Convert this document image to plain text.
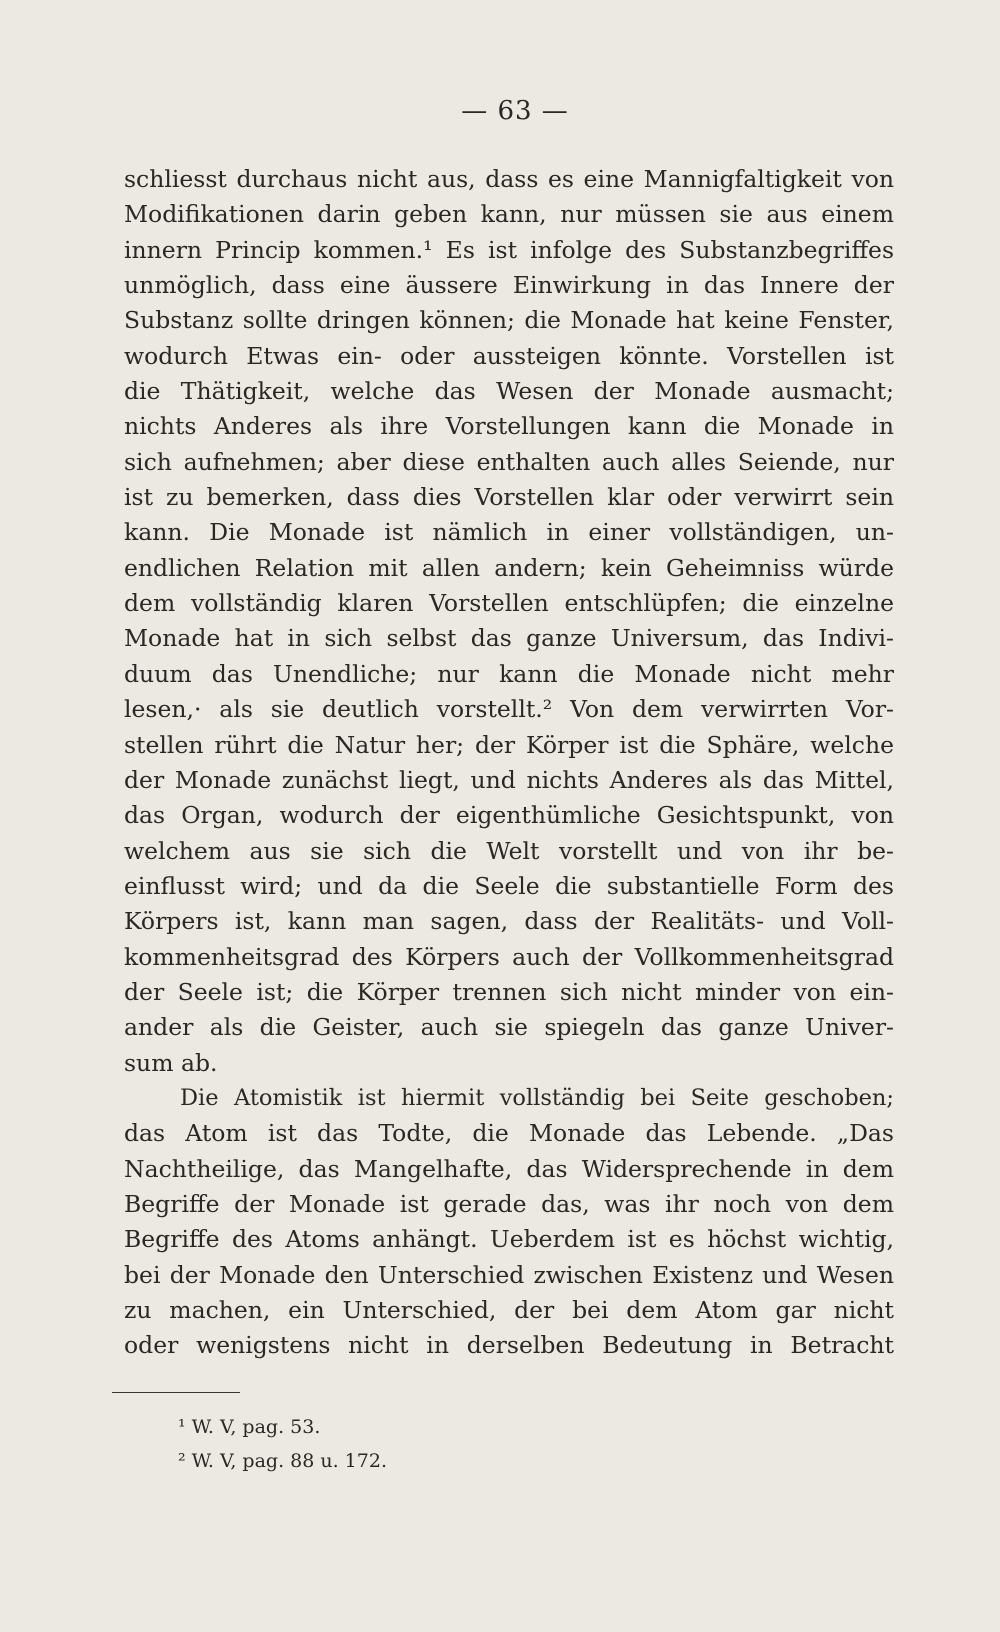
— 63 —
schliesst durchaus nicht aus, dass es eine Mannigfaltigkeit von
Modifikationen darin geben kann, nur müssen sie aus einem
innern Princip kommen.¹ Es ist infolge des Substanzbegriffes
unmöglich, dass eine äussere Einwirkung in das Innere der
Substanz sollte dringen können; die Monade hat keine Fenster,
wodurch Etwas ein- oder aussteigen könnte. Vorstellen ist
die Thätigkeit, welche das Wesen der Monade ausmacht;
nichts Anderes als ihre Vorstellungen kann die Monade in
sich aufnehmen; aber diese enthalten auch alles Seiende, nur
ist zu bemerken, dass dies Vorstellen klar oder verwirrt sein
kann. Die Monade ist nämlich in einer vollständigen, un-
endlichen Relation mit allen andern; kein Geheimniss würde
dem vollständig klaren Vorstellen entschlüpfen; die einzelne
Monade hat in sich selbst das ganze Universum, das Indivi-
duum das Unendliche; nur kann die Monade nicht mehr
lesen,· als sie deutlich vorstellt.² Von dem verwirrten Vor-
stellen rührt die Natur her; der Körper ist die Sphäre, welche
der Monade zunächst liegt, und nichts Anderes als das Mittel,
das Organ, wodurch der eigenthümliche Gesichtspunkt, von
welchem aus sie sich die Welt vorstellt und von ihr be-
einflusst wird; und da die Seele die substantielle Form des
Körpers ist, kann man sagen, dass der Realitäts- und Voll-
kommenheitsgrad des Körpers auch der Vollkommenheitsgrad
der Seele ist; die Körper trennen sich nicht minder von ein-
ander als die Geister, auch sie spiegeln das ganze Univer-
sum ab.
Die Atomistik ist hiermit vollständig bei Seite geschoben;
das Atom ist das Todte, die Monade das Lebende. „Das
Nachtheilige, das Mangelhafte, das Widersprechende in dem
Begriffe der Monade ist gerade das, was ihr noch von dem
Begriffe des Atoms anhängt. Ueberdem ist es höchst wichtig,
bei der Monade den Unterschied zwischen Existenz und Wesen
zu machen, ein Unterschied, der bei dem Atom gar nicht
oder wenigstens nicht in derselben Bedeutung in Betracht
¹ W. V, pag. 53.
² W. V, pag. 88 u. 172.
